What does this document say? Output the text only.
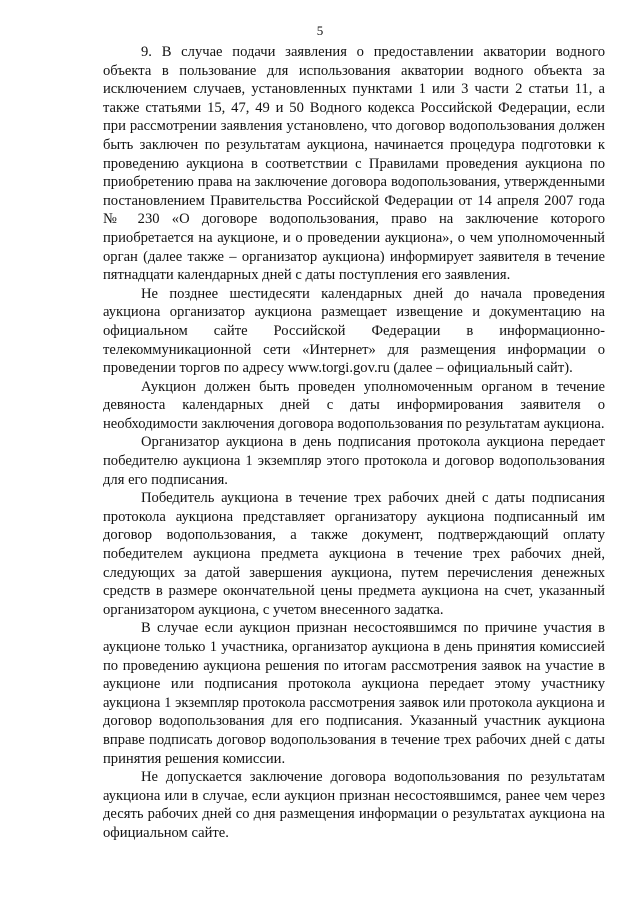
5

9. В случае подачи заявления о предоставлении акватории водного объекта в пользование для использования акватории водного объекта за исключением случаев, установленных пунктами 1 или 3 части 2 статьи 11, а также статьями 15, 47, 49 и 50 Водного кодекса Российской Федерации, если при рассмотрении заявления установлено, что договор водопользования должен быть заключен по результатам аукциона, начинается процедура подготовки к проведению аукциона в соответствии с Правилами проведения аукциона по приобретению права на заключение договора водопользования, утвержденными постановлением Правительства Российской Федерации от 14 апреля 2007 года № 230 «О договоре водопользования, право на заключение которого приобретается на аукционе, и о проведении аукциона», о чем уполномоченный орган (далее также – организатор аукциона) информирует заявителя в течение пятнадцати календарных дней с даты поступления его заявления.

Не позднее шестидесяти календарных дней до начала проведения аукциона организатор аукциона размещает извещение и документацию на официальном сайте Российской Федерации в информационно-телекоммуникационной сети «Интернет» для размещения информации о проведении торгов по адресу www.torgi.gov.ru (далее – официальный сайт).

Аукцион должен быть проведен уполномоченным органом в течение девяноста календарных дней с даты информирования заявителя о необходимости заключения договора водопользования по результатам аукциона.

Организатор аукциона в день подписания протокола аукциона передает победителю аукциона 1 экземпляр этого протокола и договор водопользования для его подписания.

Победитель аукциона в течение трех рабочих дней с даты подписания протокола аукциона представляет организатору аукциона подписанный им договор водопользования, а также документ, подтверждающий оплату победителем аукциона предмета аукциона в течение трех рабочих дней, следующих за датой завершения аукциона, путем перечисления денежных средств в размере окончательной цены предмета аукциона на счет, указанный организатором аукциона, с учетом внесенного задатка.

В случае если аукцион признан несостоявшимся по причине участия в аукционе только 1 участника, организатор аукциона в день принятия комиссией по проведению аукциона решения по итогам рассмотрения заявок на участие в аукционе или подписания протокола аукциона передает этому участнику аукциона 1 экземпляр протокола рассмотрения заявок или протокола аукциона и договор водопользования для его подписания. Указанный участник аукциона вправе подписать договор водопользования в течение трех рабочих дней с даты принятия решения комиссии.

Не допускается заключение договора водопользования по результатам аукциона или в случае, если аукцион признан несостоявшимся, ранее чем через десять рабочих дней со дня размещения информации о результатах аукциона на официальном сайте.
